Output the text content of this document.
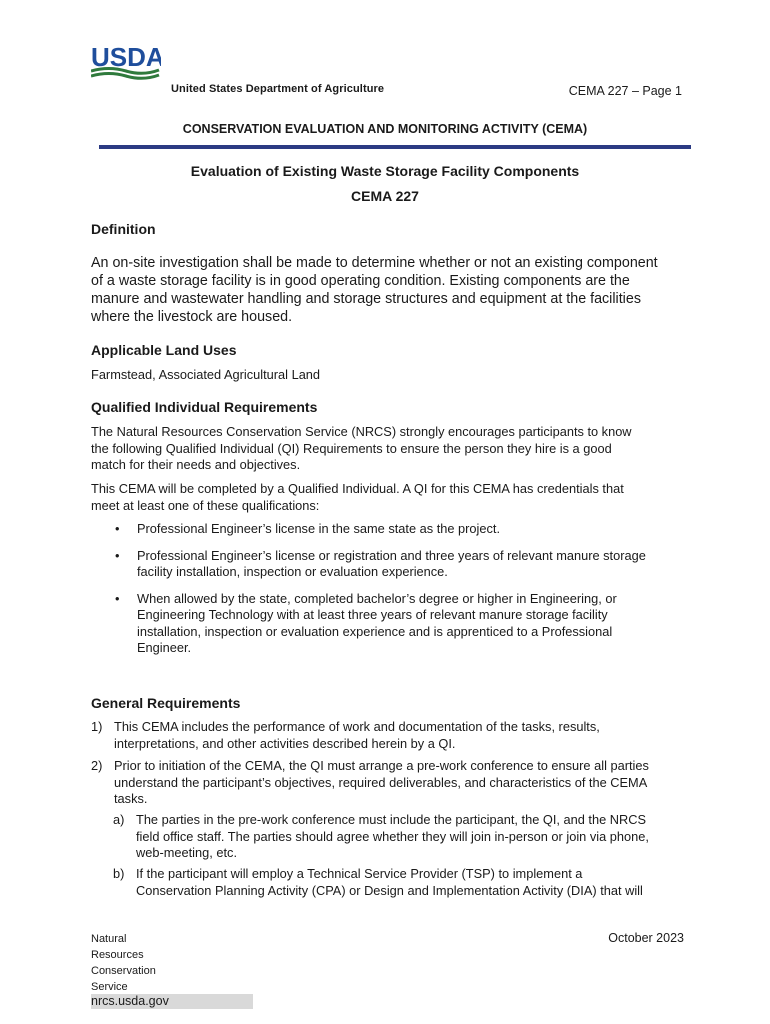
USDA
United States Department of Agriculture	CEMA 227 – Page 1
CONSERVATION EVALUATION AND MONITORING ACTIVITY (CEMA)
Evaluation of Existing Waste Storage Facility Components
CEMA 227
Definition
An on-site investigation shall be made to determine whether or not an existing component
of a waste storage facility is in good operating condition. Existing components are the
manure and wastewater handling and storage structures and equipment at the facilities
where the livestock are housed.
Applicable Land Uses
Farmstead, Associated Agricultural Land
Qualified Individual Requirements
The Natural Resources Conservation Service (NRCS) strongly encourages participants to know
the following Qualified Individual (QI) Requirements to ensure the person they hire is a good
match for their needs and objectives.
This CEMA will be completed by a Qualified Individual. A QI for this CEMA has credentials that
meet at least one of these qualifications:
• Professional Engineer’s license in the same state as the project.
• Professional Engineer’s license or registration and three years of relevant manure storage
facility installation, inspection or evaluation experience.
• When allowed by the state, completed bachelor’s degree or higher in Engineering, or
Engineering Technology with at least three years of relevant manure storage facility
installation, inspection or evaluation experience and is apprenticed to a Professional
Engineer.
General Requirements
1) This CEMA includes the performance of work and documentation of the tasks, results,
interpretations, and other activities described herein by a QI.
2) Prior to initiation of the CEMA, the QI must arrange a pre-work conference to ensure all parties
understand the participant’s objectives, required deliverables, and characteristics of the CEMA
tasks.
a) The parties in the pre-work conference must include the participant, the QI, and the NRCS
field office staff. The parties should agree whether they will join in-person or join via phone,
web-meeting, etc.
b) If the participant will employ a Technical Service Provider (TSP) to implement a
Conservation Planning Activity (CPA) or Design and Implementation Activity (DIA) that will
Natural
Resources
Conservation
Service
nrcs.usda.gov
October 2023
